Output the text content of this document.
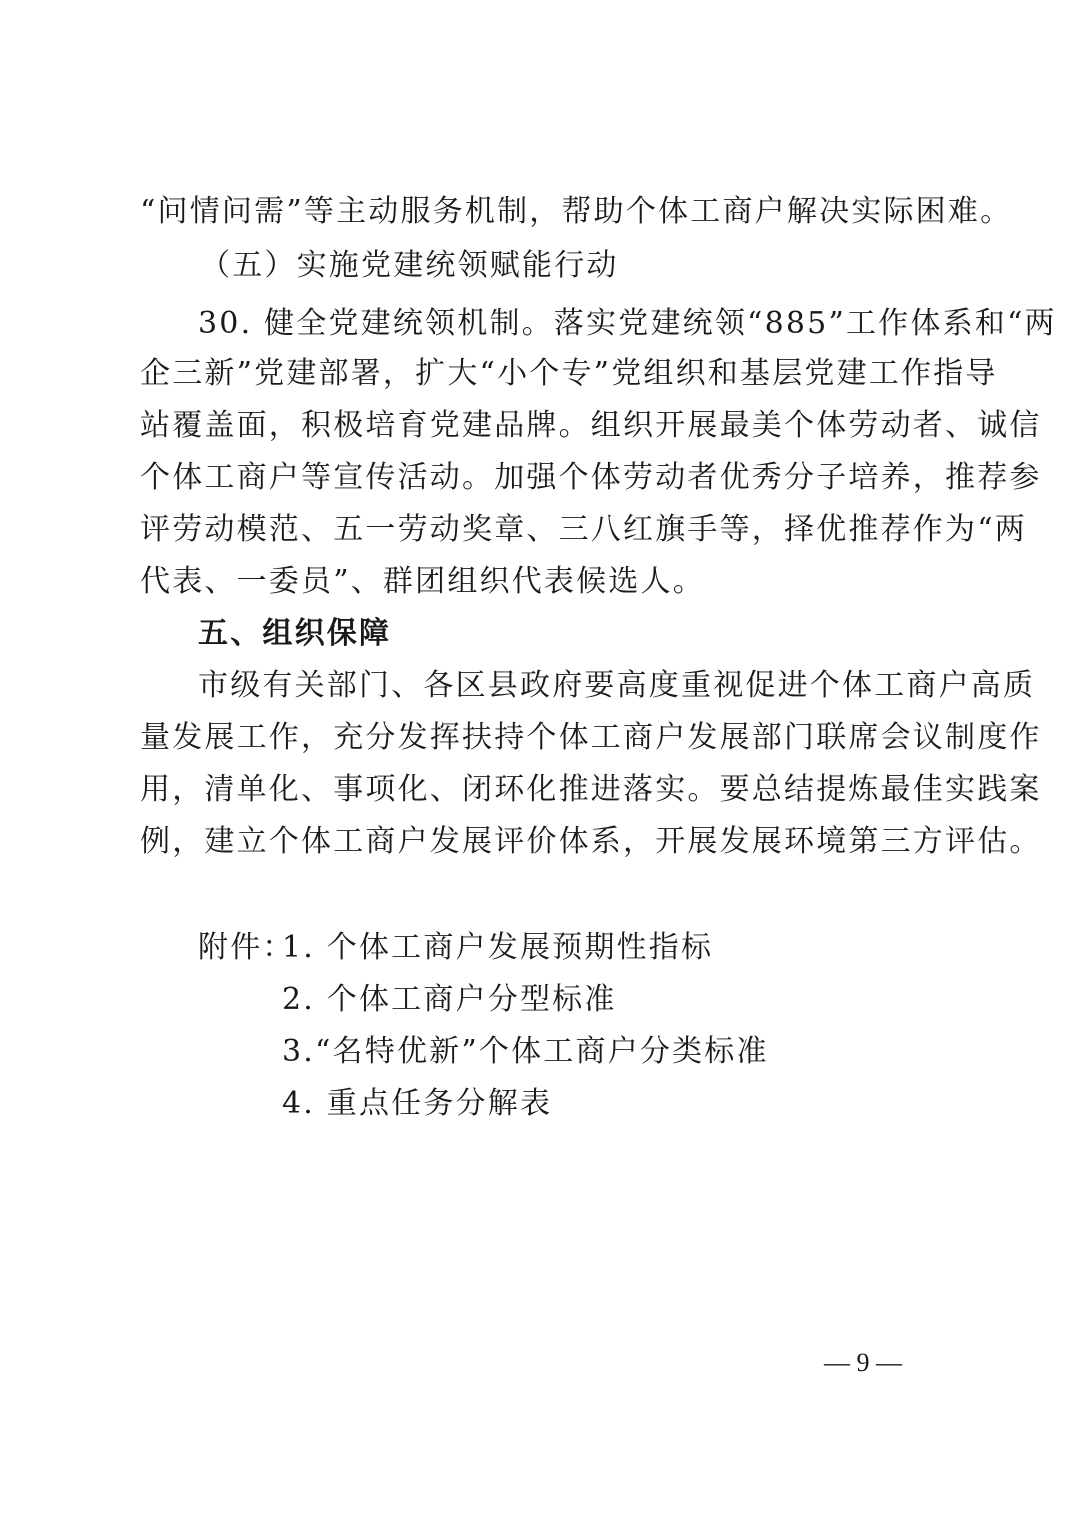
“问情问需”等主动服务机制，帮助个体工商户解决实际困难。
（五）实施党建统领赋能行动
30. 健全党建统领机制。落实党建统领“885”工作体系和“两
企三新”党建部署，扩大“小个专”党组织和基层党建工作指导
站覆盖面，积极培育党建品牌。组织开展最美个体劳动者、诚信
个体工商户等宣传活动。加强个体劳动者优秀分子培养，推荐参
评劳动模范、五一劳动奖章、三八红旗手等，择优推荐作为“两
代表、一委员”、群团组织代表候选人。
五、组织保障
市级有关部门、各区县政府要高度重视促进个体工商户高质
量发展工作，充分发挥扶持个体工商户发展部门联席会议制度作
用，清单化、事项化、闭环化推进落实。要总结提炼最佳实践案
例，建立个体工商户发展评价体系，开展发展环境第三方评估。
附件：
1. 个体工商户发展预期性指标
2. 个体工商户分型标准
3.“名特优新”个体工商户分类标准
4. 重点任务分解表
— 9 —
